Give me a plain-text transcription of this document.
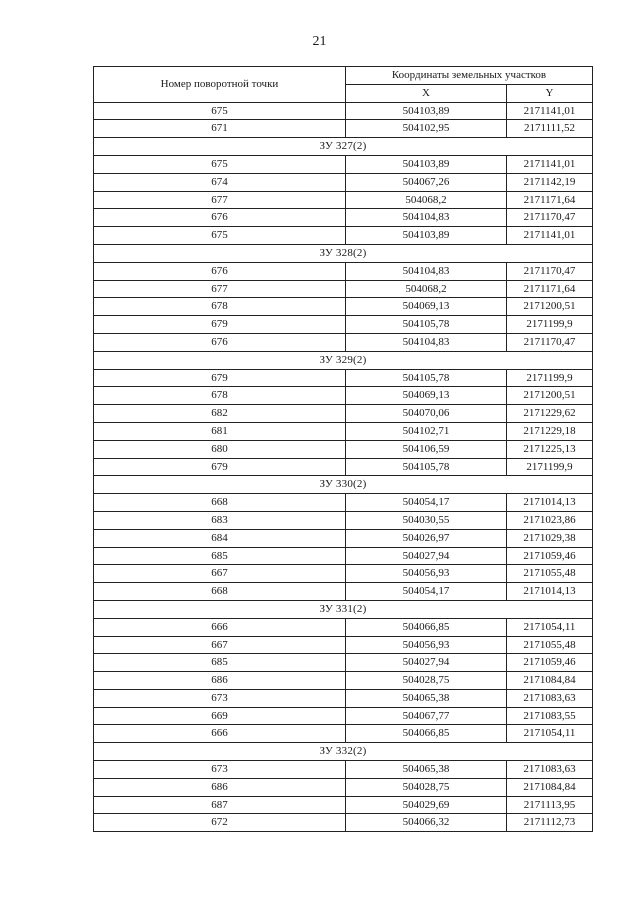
21
Номер поворотной точки	Координаты земельных участков	
	X	Y
675	504103,89	2171141,01
671	504102,95	2171111,52
ЗУ 327(2)		
675	504103,89	2171141,01
674	504067,26	2171142,19
677	504068,2	2171171,64
676	504104,83	2171170,47
675	504103,89	2171141,01
ЗУ 328(2)		
676	504104,83	2171170,47
677	504068,2	2171171,64
678	504069,13	2171200,51
679	504105,78	2171199,9
676	504104,83	2171170,47
ЗУ 329(2)		
679	504105,78	2171199,9
678	504069,13	2171200,51
682	504070,06	2171229,62
681	504102,71	2171229,18
680	504106,59	2171225,13
679	504105,78	2171199,9
ЗУ 330(2)		
668	504054,17	2171014,13
683	504030,55	2171023,86
684	504026,97	2171029,38
685	504027,94	2171059,46
667	504056,93	2171055,48
668	504054,17	2171014,13
ЗУ 331(2)		
666	504066,85	2171054,11
667	504056,93	2171055,48
685	504027,94	2171059,46
686	504028,75	2171084,84
673	504065,38	2171083,63
669	504067,77	2171083,55
666	504066,85	2171054,11
ЗУ 332(2)		
673	504065,38	2171083,63
686	504028,75	2171084,84
687	504029,69	2171113,95
672	504066,32	2171112,73
